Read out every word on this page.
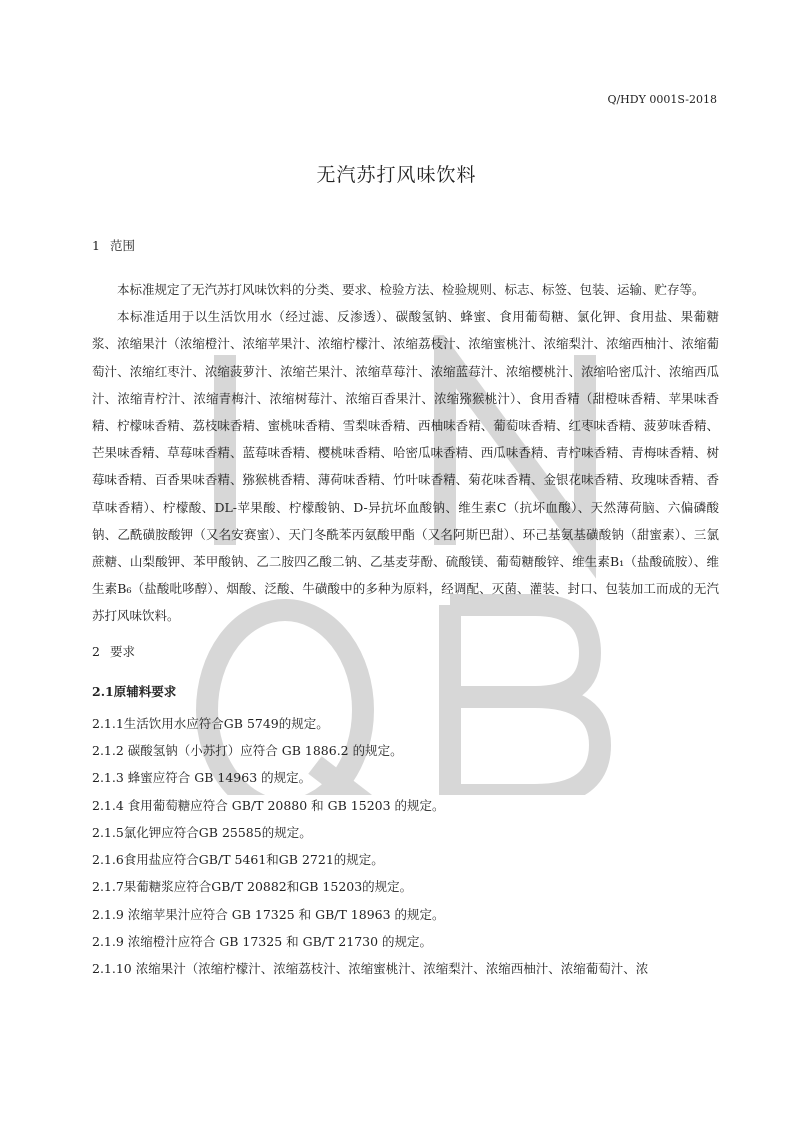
Q/HDY 0001S-2018
无汽苏打风味饮料

1 范围

本标准规定了无汽苏打风味饮料的分类、要求、检验方法、检验规则、标志、标签、包装、运输、贮存等。

本标准适用于以生活饮用水（经过滤、反渗透）、碳酸氢钠、蜂蜜、食用葡萄糖、氯化钾、食用盐、果葡糖浆、浓缩果汁（浓缩橙汁、浓缩苹果汁、浓缩柠檬汁、浓缩荔枝汁、浓缩蜜桃汁、浓缩梨汁、浓缩西柚汁、浓缩葡萄汁、浓缩红枣汁、浓缩菠萝汁、浓缩芒果汁、浓缩草莓汁、浓缩蓝莓汁、浓缩樱桃汁、浓缩哈密瓜汁、浓缩西瓜汁、浓缩青柠汁、浓缩青梅汁、浓缩树莓汁、浓缩百香果汁、浓缩猕猴桃汁）、食用香精（甜橙味香精、苹果味香精、柠檬味香精、荔枝味香精、蜜桃味香精、雪梨味香精、西柚味香精、葡萄味香精、红枣味香精、菠萝味香精、芒果味香精、草莓味香精、蓝莓味香精、樱桃味香精、哈密瓜味香精、西瓜味香精、青柠味香精、青梅味香精、树莓味香精、百香果味香精、猕猴桃香精、薄荷味香精、竹叶味香精、菊花味香精、金银花味香精、玫瑰味香精、香草味香精）、柠檬酸、DL-苹果酸、柠檬酸钠、D-异抗坏血酸钠、维生素C（抗坏血酸）、天然薄荷脑、六偏磷酸钠、乙酰磺胺酸钾（又名安赛蜜）、天门冬酰苯丙氨酸甲酯（又名阿斯巴甜）、环己基氨基磺酸钠（甜蜜素）、三氯蔗糖、山梨酸钾、苯甲酸钠、乙二胺四乙酸二钠、乙基麦芽酚、硫酸镁、葡萄糖酸锌、维生素B₁（盐酸硫胺）、维生素B₆（盐酸吡哆醇）、烟酸、泛酸、牛磺酸中的多种为原料，经调配、灭菌、灌装、封口、包装加工而成的无汽苏打风味饮料。

2 要求

2.1原辅料要求

2.1.1生活饮用水应符合GB 5749的规定。

2.1.2 碳酸氢钠（小苏打）应符合 GB 1886.2 的规定。

2.1.3 蜂蜜应符合 GB 14963 的规定。

2.1.4 食用葡萄糖应符合 GB/T 20880 和 GB 15203 的规定。

2.1.5氯化钾应符合GB 25585的规定。

2.1.6食用盐应符合GB/T 5461和GB 2721的规定。

2.1.7果葡糖浆应符合GB/T 20882和GB 15203的规定。

2.1.9 浓缩苹果汁应符合 GB 17325 和 GB/T 18963 的规定。

2.1.9 浓缩橙汁应符合 GB 17325 和 GB/T 21730 的规定。

2.1.10 浓缩果汁（浓缩柠檬汁、浓缩荔枝汁、浓缩蜜桃汁、浓缩梨汁、浓缩西柚汁、浓缩葡萄汁、浓
